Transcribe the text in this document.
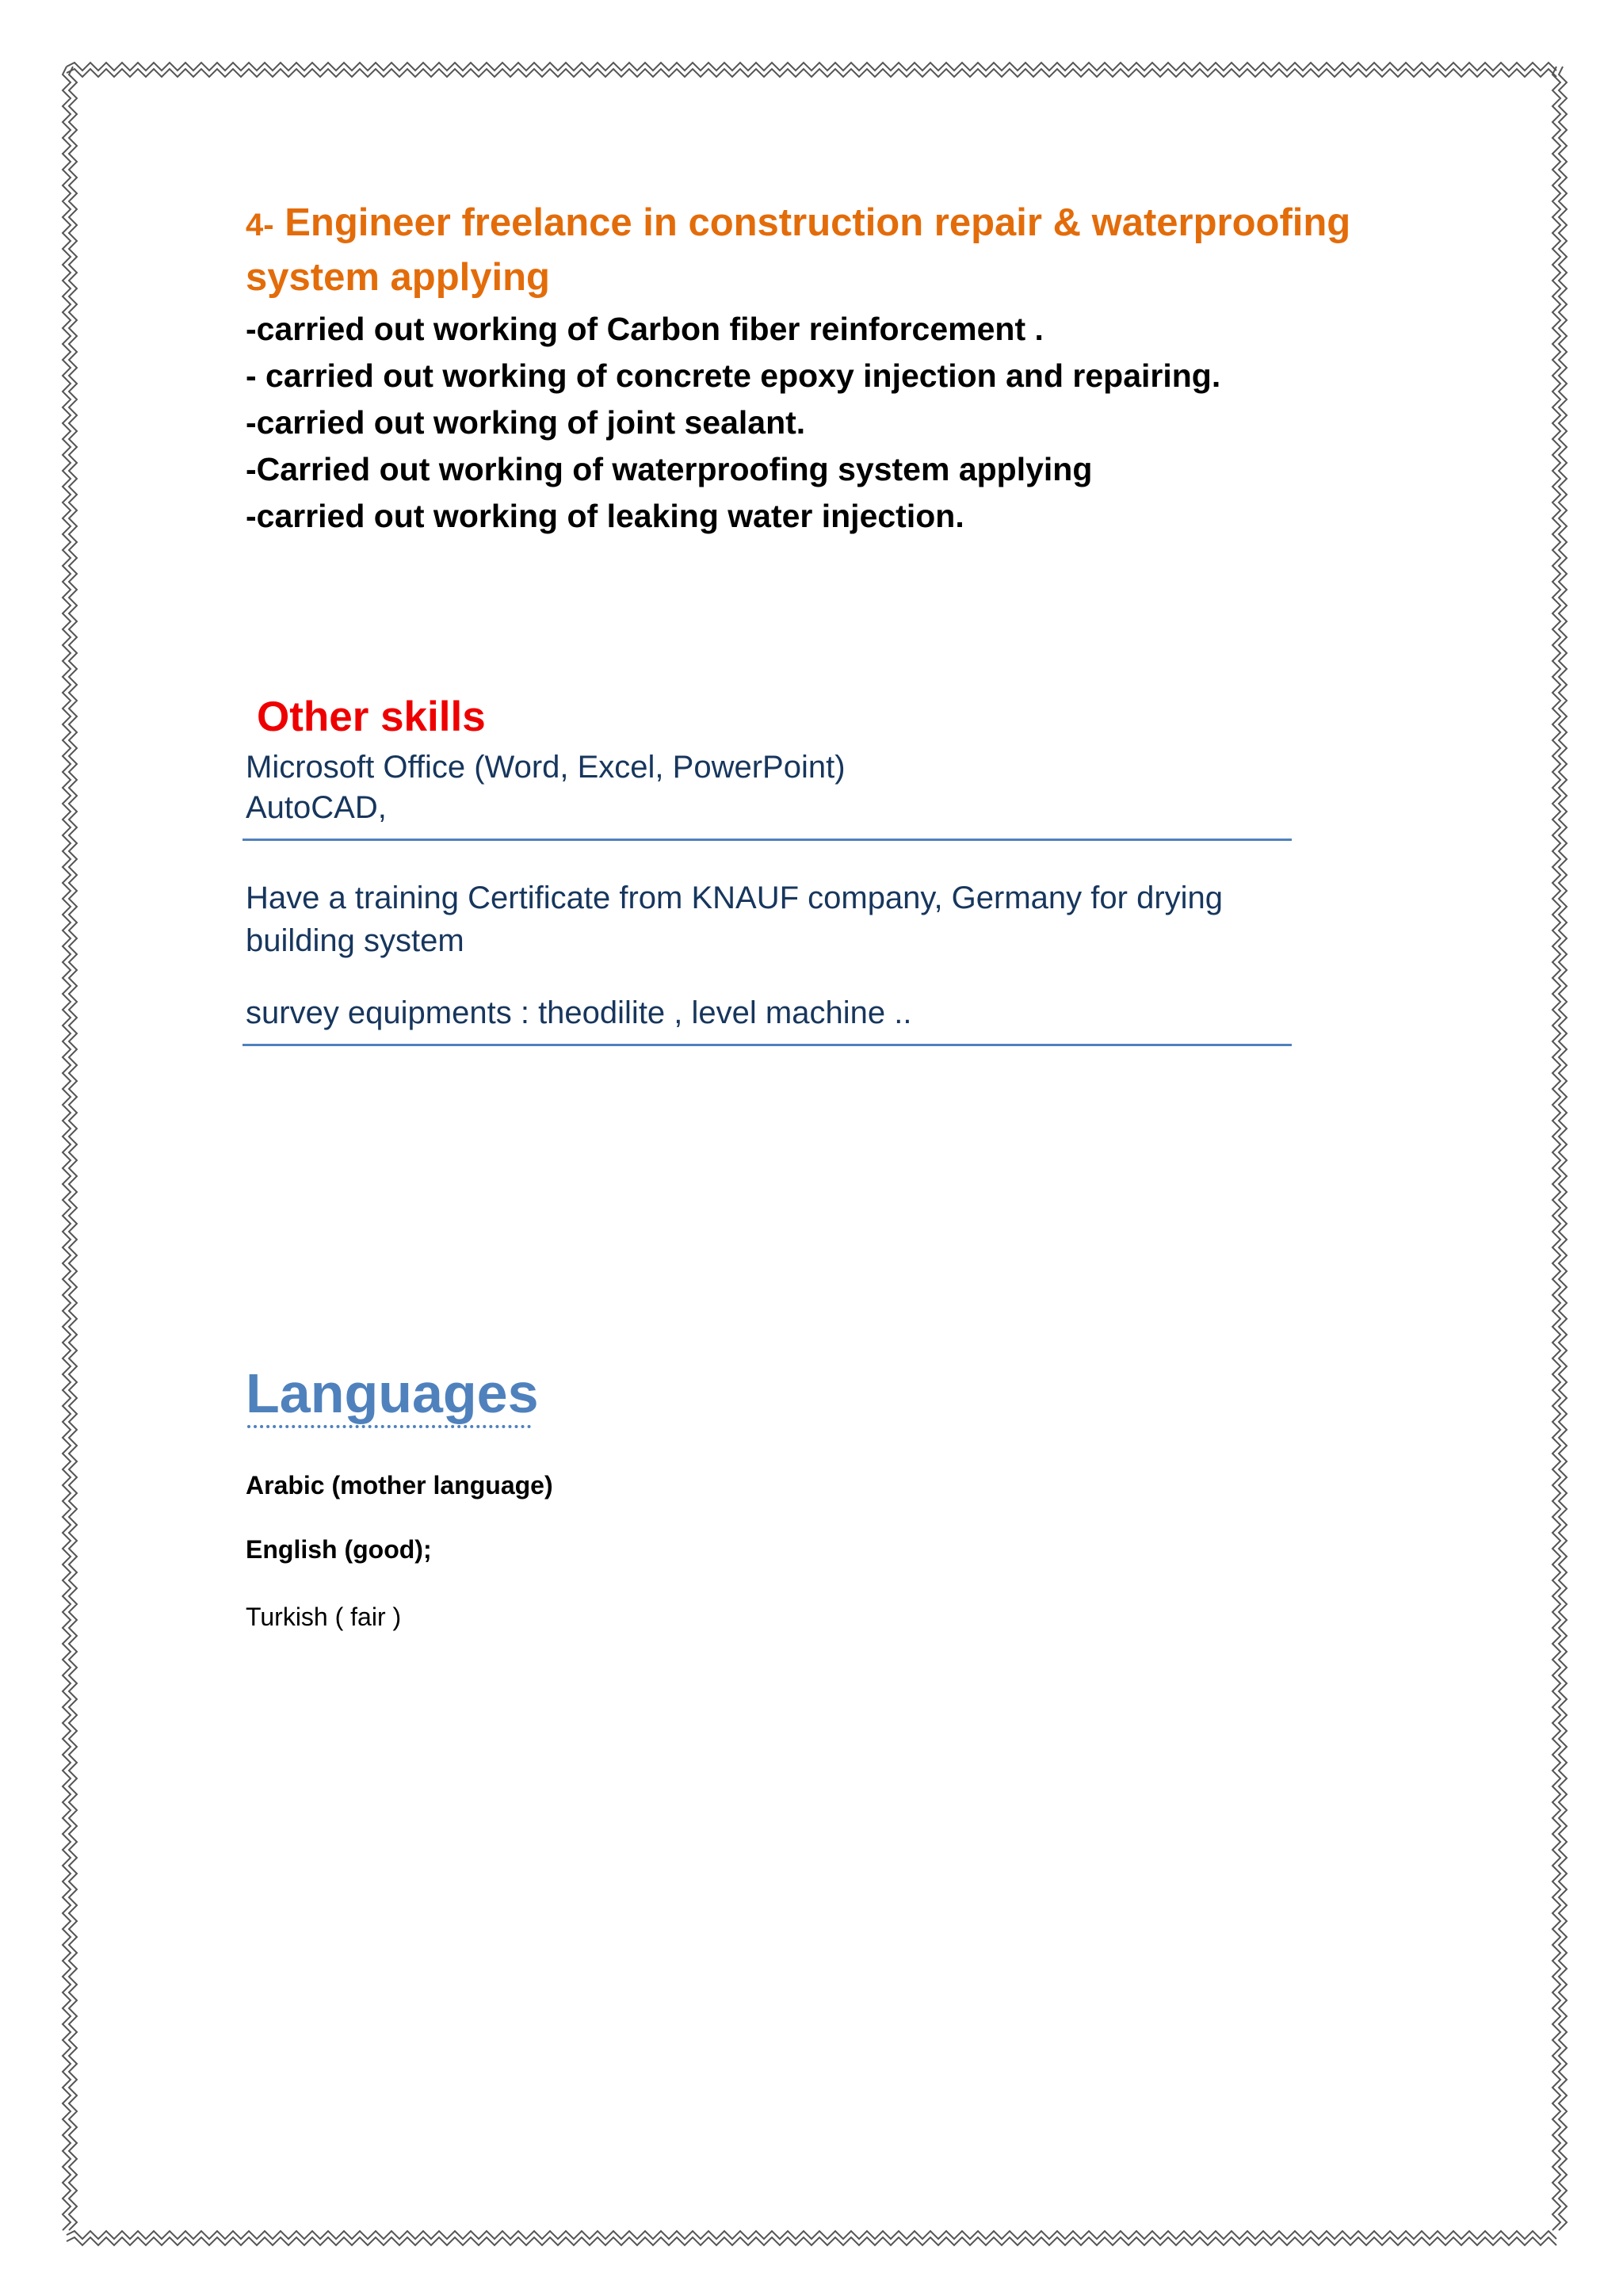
4- Engineer freelance in construction repair & waterproofing system applying
-carried out working of Carbon fiber reinforcement .
- carried out working of concrete epoxy injection and repairing.
-carried out working of joint sealant.
-Carried out working of waterproofing system applying
-carried out working of leaking water injection.
Other skills

Microsoft Office (Word, Excel, PowerPoint)

AutoCAD,

Have a training Certificate from KNAUF company, Germany for drying

building system

survey equipments : theodilite , level machine ..

Languages

Arabic (mother language)

English (good);

Turkish ( fair )
